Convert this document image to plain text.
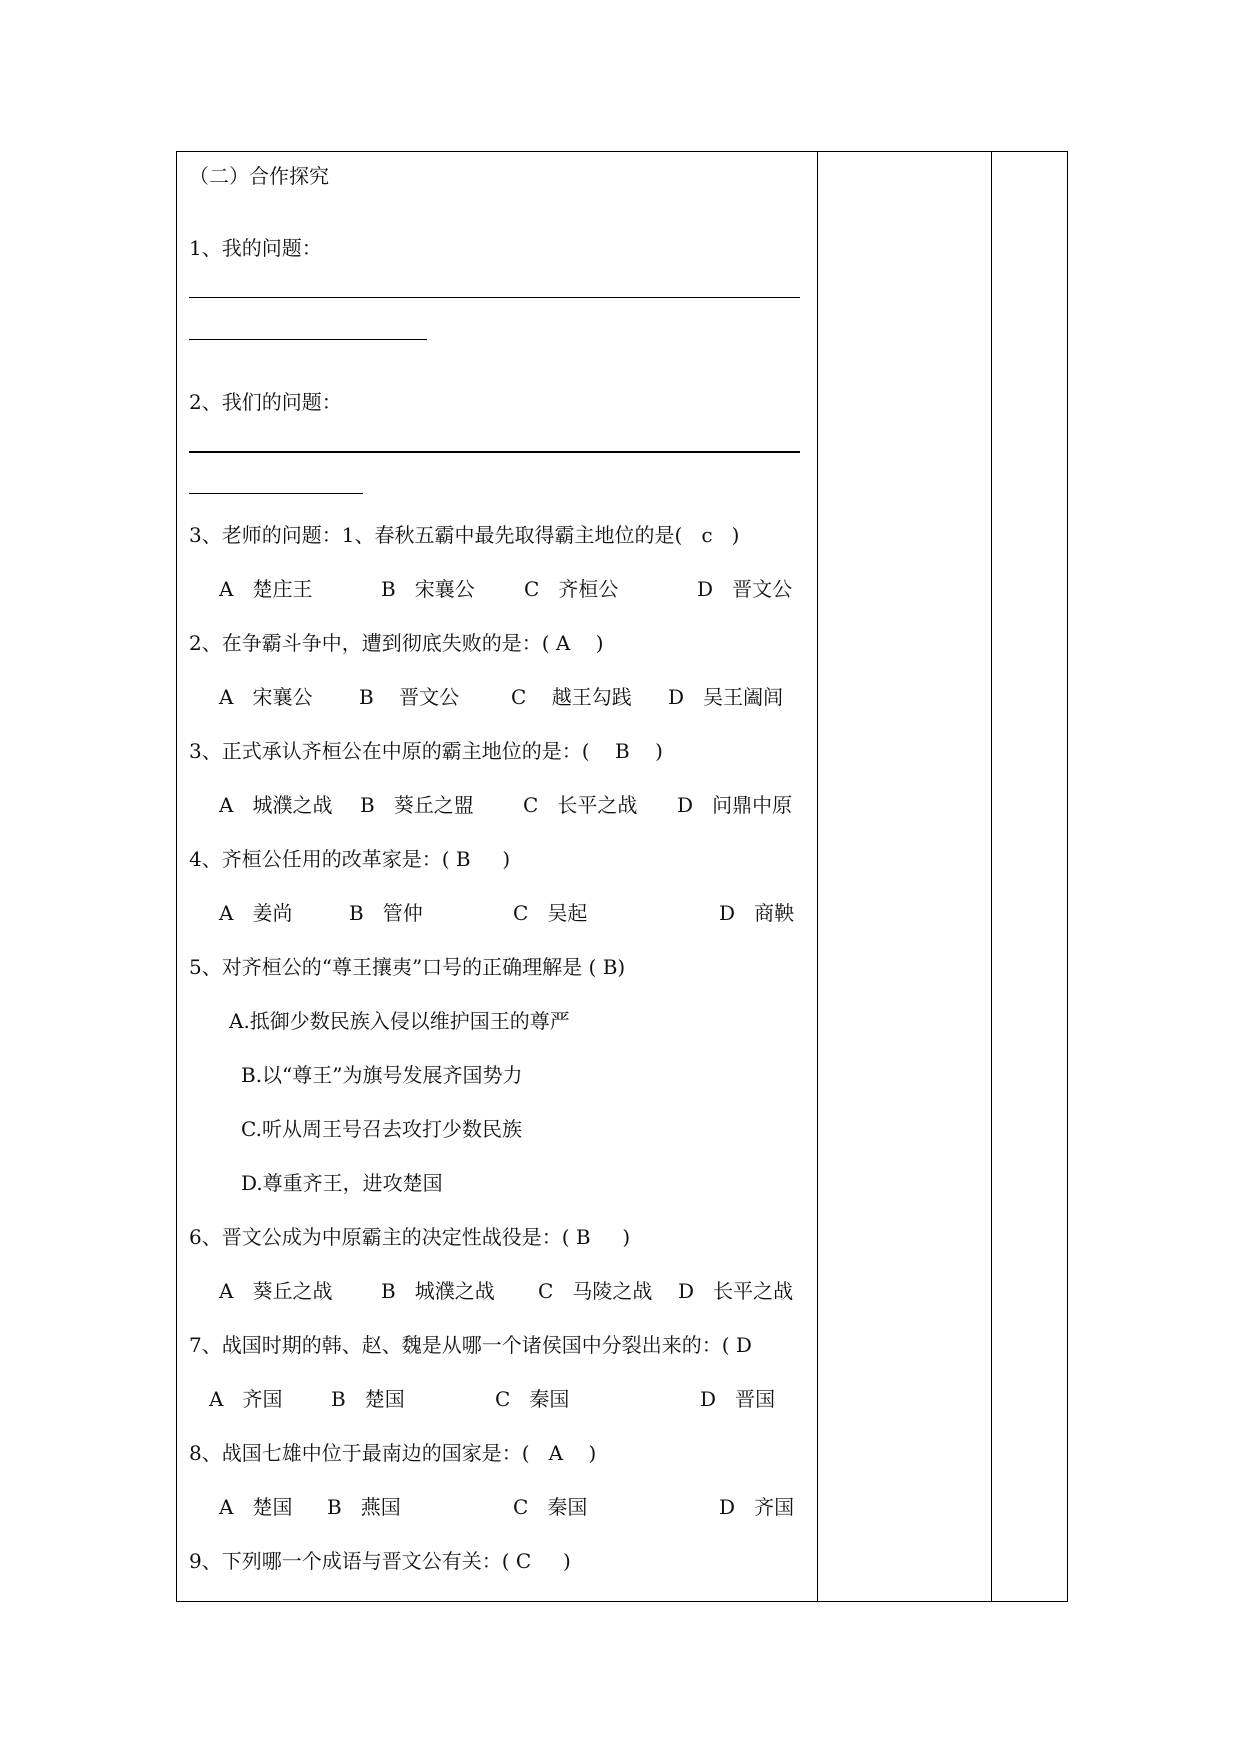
（二）合作探究
1、我的问题：
2、我们的问题：
3、老师的问题：1、春秋五霸中最先取得霸主地位的是(   c   )
A   楚庄王	B   宋襄公	C   齐桓公	D   晋文公
2、在争霸斗争中，遭到彻底失败的是：( A    )
A   宋襄公	B    晋文公	C    越王勾践	D   吴王阖闾
3、正式承认齐桓公在中原的霸主地位的是：(    B    )
A   城濮之战	B   葵丘之盟	C   长平之战	D   问鼎中原
4、齐桓公任用的改革家是：( B     )
A   姜尚	B   管仲	C   吴起	D   商鞅
5、对齐桓公的“尊王攘夷”口号的正确理解是 ( B)
A.抵御少数民族入侵以维护国王的尊严
B.以“尊王”为旗号发展齐国势力
C.听从周王号召去攻打少数民族
D.尊重齐王，进攻楚国
6、晋文公成为中原霸主的决定性战役是：( B     )
A   葵丘之战	B   城濮之战	C   马陵之战	D   长平之战
7、战国时期的韩、赵、魏是从哪一个诸侯国中分裂出来的：( D
A   齐国	B   楚国	C   秦国	D   晋国
8、战国七雄中位于最南边的国家是：(   A    )
A   楚国	B   燕国	C   秦国	D   齐国
9、下列哪一个成语与晋文公有关：( C     )
